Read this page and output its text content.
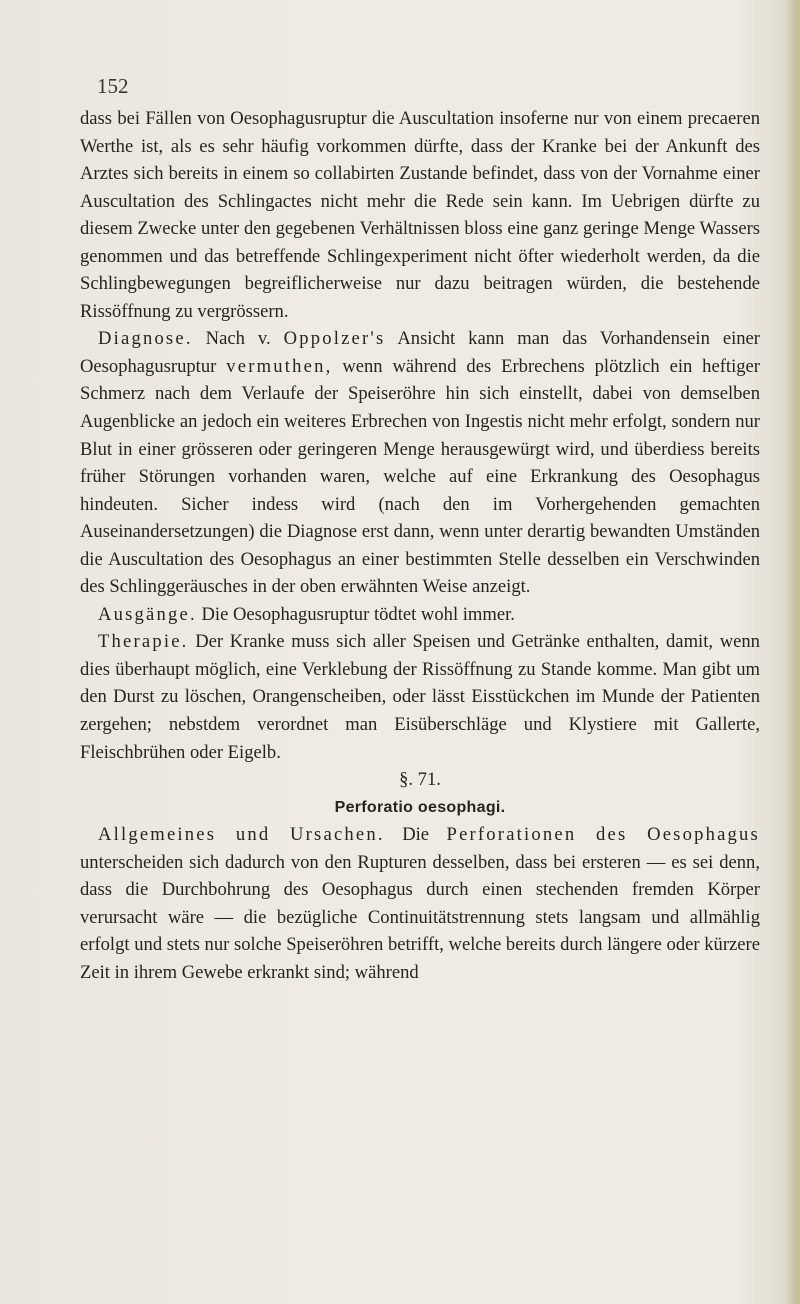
152

dass bei Fällen von Oesophagusruptur die Auscultation insoferne nur von einem precaeren Werthe ist, als es sehr häufig vorkommen dürfte, dass der Kranke bei der Ankunft des Arztes sich bereits in einem so collabirten Zustande befindet, dass von der Vornahme einer Auscultation des Schlingactes nicht mehr die Rede sein kann. Im Uebrigen dürfte zu diesem Zwecke unter den gegebenen Verhältnissen bloss eine ganz geringe Menge Wassers genommen und das betreffende Schlingexperiment nicht öfter wiederholt werden, da die Schlingbewegungen begreiflicherweise nur dazu beitragen würden, die bestehende Rissöffnung zu vergrössern.

Diagnose. Nach v. Oppolzer's Ansicht kann man das Vorhandensein einer Oesophagusruptur vermuthen, wenn während des Erbrechens plötzlich ein heftiger Schmerz nach dem Verlaufe der Speiseröhre hin sich einstellt, dabei von demselben Augenblicke an jedoch ein weiteres Erbrechen von Ingestis nicht mehr erfolgt, sondern nur Blut in einer grösseren oder geringeren Menge herausgewürgt wird, und überdiess bereits früher Störungen vorhanden waren, welche auf eine Erkrankung des Oesophagus hindeuten. Sicher indess wird (nach den im Vorhergehenden gemachten Auseinandersetzungen) die Diagnose erst dann, wenn unter derartig bewandten Umständen die Auscultation des Oesophagus an einer bestimmten Stelle desselben ein Verschwinden des Schlinggeräusches in der oben erwähnten Weise anzeigt.

Ausgänge. Die Oesophagusruptur tödtet wohl immer.

Therapie. Der Kranke muss sich aller Speisen und Getränke enthalten, damit, wenn dies überhaupt möglich, eine Verklebung der Rissöffnung zu Stande komme. Man gibt um den Durst zu löschen, Orangenscheiben, oder lässt Eisstückchen im Munde der Patienten zergehen; nebstdem verordnet man Eisüberschläge und Klystiere mit Gallerte, Fleischbrühen oder Eigelb.

§. 71.

Perforatio oesophagi.

Allgemeines und Ursachen. Die Perforationen des Oesophagus unterscheiden sich dadurch von den Rupturen desselben, dass bei ersteren — es sei denn, dass die Durchbohrung des Oesophagus durch einen stechenden fremden Körper verursacht wäre — die bezügliche Continuitätstrennung stets langsam und allmählig erfolgt und stets nur solche Speiseröhren betrifft, welche bereits durch längere oder kürzere Zeit in ihrem Gewebe erkrankt sind; während
